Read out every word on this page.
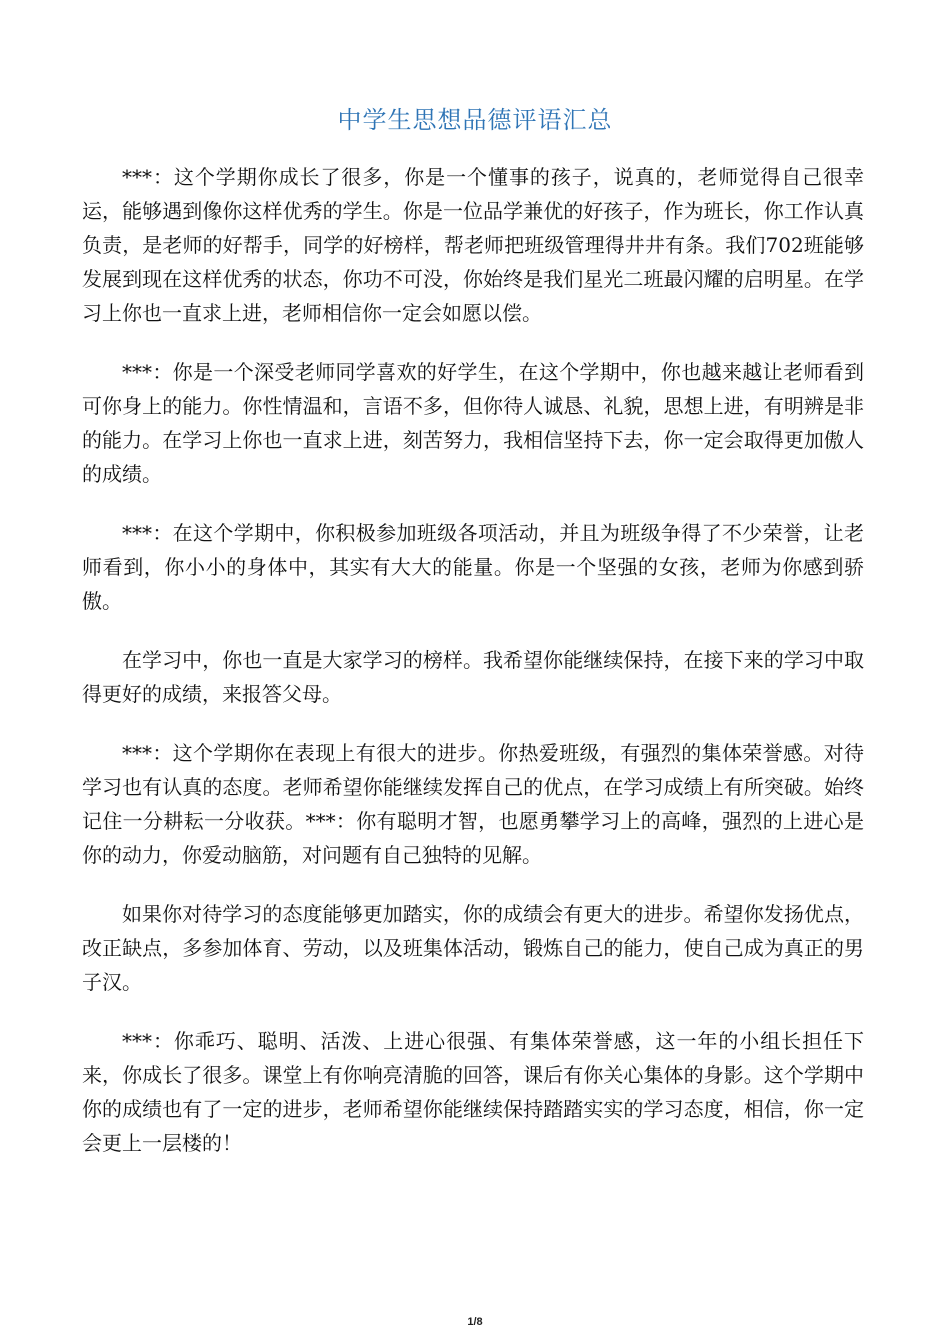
中学生思想品德评语汇总

***：这个学期你成长了很多，你是一个懂事的孩子，说真的，老师觉得自己很幸运，能够遇到像你这样优秀的学生。你是一位品学兼优的好孩子，作为班长，你工作认真负责，是老师的好帮手，同学的好榜样，帮老师把班级管理得井井有条。我们702班能够发展到现在这样优秀的状态，你功不可没，你始终是我们星光二班最闪耀的启明星。在学习上你也一直求上进，老师相信你一定会如愿以偿。

***：你是一个深受老师同学喜欢的好学生，在这个学期中，你也越来越让老师看到可你身上的能力。你性情温和，言语不多，但你待人诚恳、礼貌，思想上进，有明辨是非的能力。在学习上你也一直求上进，刻苦努力，我相信坚持下去，你一定会取得更加傲人的成绩。

***：在这个学期中，你积极参加班级各项活动，并且为班级争得了不少荣誉，让老师看到，你小小的身体中，其实有大大的能量。你是一个坚强的女孩，老师为你感到骄傲。

在学习中，你也一直是大家学习的榜样。我希望你能继续保持，在接下来的学习中取得更好的成绩，来报答父母。

***：这个学期你在表现上有很大的进步。你热爱班级，有强烈的集体荣誉感。对待学习也有认真的态度。老师希望你能继续发挥自己的优点，在学习成绩上有所突破。始终记住一分耕耘一分收获。***：你有聪明才智，也愿勇攀学习上的高峰，强烈的上进心是你的动力，你爱动脑筋，对问题有自己独特的见解。

如果你对待学习的态度能够更加踏实，你的成绩会有更大的进步。希望你发扬优点，改正缺点，多参加体育、劳动，以及班集体活动，锻炼自己的能力，使自己成为真正的男子汉。

***：你乖巧、聪明、活泼、上进心很强、有集体荣誉感，这一年的小组长担任下来，你成长了很多。课堂上有你响亮清脆的回答，课后有你关心集体的身影。这个学期中你的成绩也有了一定的进步，老师希望你能继续保持踏踏实实的学习态度，相信，你一定会更上一层楼的！

1/8
